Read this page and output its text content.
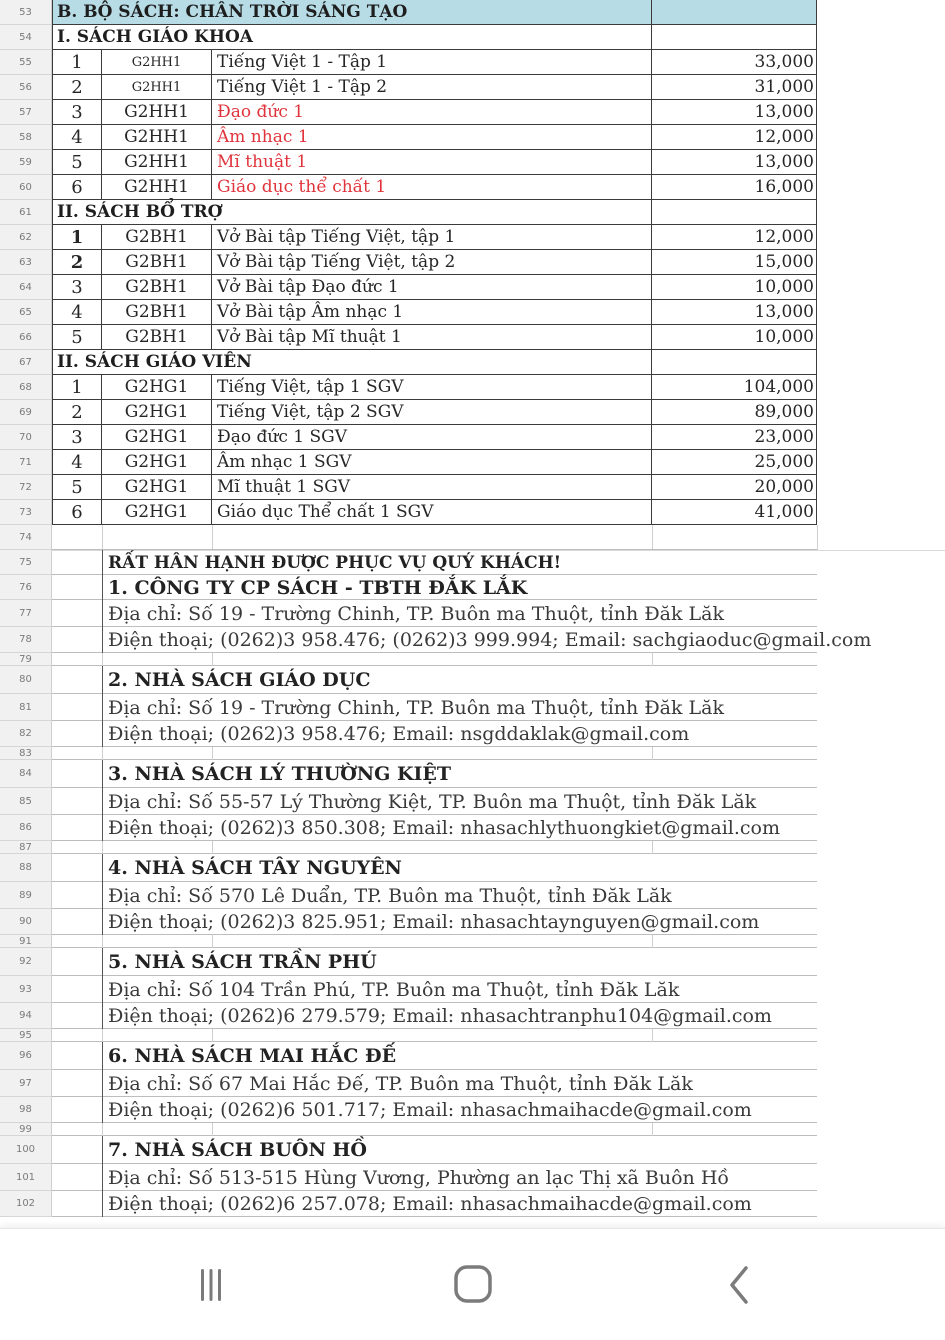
53	B. BỘ SÁCH: CHÂN TRỜI SÁNG TẠO
54	I. SÁCH GIÁO KHOA
55	1	G2HH1	Tiếng Việt 1 - Tập 1	33,000
56	2	G2HH1	Tiếng Việt 1 - Tập 2	31,000
57	3	G2HH1	Đạo đức 1	13,000
58	4	G2HH1	Âm nhạc 1	12,000
59	5	G2HH1	Mĩ thuật 1	13,000
60	6	G2HH1	Giáo dục thể chất 1	16,000
61	II. SÁCH BỔ TRỢ
62	1	G2BH1	Vở Bài tập Tiếng Việt, tập 1	12,000
63	2	G2BH1	Vở Bài tập Tiếng Việt, tập 2	15,000
64	3	G2BH1	Vở Bài tập Đạo đức 1	10,000
65	4	G2BH1	Vở Bài tập Âm nhạc 1	13,000
66	5	G2BH1	Vở Bài tập Mĩ thuật 1	10,000
67	II. SÁCH GIÁO VIÊN
68	1	G2HG1	Tiếng Việt, tập 1 SGV	104,000
69	2	G2HG1	Tiếng Việt, tập 2 SGV	89,000
70	3	G2HG1	Đạo đức 1 SGV	23,000
71	4	G2HG1	Âm nhạc 1 SGV	25,000
72	5	G2HG1	Mĩ thuật 1 SGV	20,000
73	6	G2HG1	Giáo dục Thể chất 1 SGV	41,000
74
75	RẤT HÂN HẠNH ĐƯỢC PHỤC VỤ QUÝ KHÁCH!
76	1. CÔNG TY CP SÁCH - TBTH ĐẮK LẮK
77	Địa chỉ: Số 19 - Trường Chinh, TP. Buôn ma Thuột, tỉnh Đăk Lăk
78	Điện thoại; (0262)3 958.476; (0262)3 999.994; Email: sachgiaoduc@gmail.com
79
80	2. NHÀ SÁCH GIÁO DỤC
81	Địa chỉ: Số 19 - Trường Chinh, TP. Buôn ma Thuột, tỉnh Đăk Lăk
82	Điện thoại; (0262)3 958.476; Email: nsgddaklak@gmail.com
83
84	3. NHÀ SÁCH LÝ THƯỜNG KIỆT
85	Địa chỉ: Số 55-57 Lý Thường Kiệt, TP. Buôn ma Thuột, tỉnh Đăk Lăk
86	Điện thoại; (0262)3 850.308; Email: nhasachlythuongkiet@gmail.com
87
88	4. NHÀ SÁCH TÂY NGUYÊN
89	Địa chỉ: Số 570 Lê Duẩn, TP. Buôn ma Thuột, tỉnh Đăk Lăk
90	Điện thoại; (0262)3 825.951; Email: nhasachtaynguyen@gmail.com
91
92	5. NHÀ SÁCH TRẦN PHÚ
93	Địa chỉ: Số 104 Trần Phú, TP. Buôn ma Thuột, tỉnh Đăk Lăk
94	Điện thoại; (0262)6 279.579; Email: nhasachtranphu104@gmail.com
95
96	6. NHÀ SÁCH MAI HẮC ĐẾ
97	Địa chỉ: Số 67 Mai Hắc Đế, TP. Buôn ma Thuột, tỉnh Đăk Lăk
98	Điện thoại; (0262)6 501.717; Email: nhasachmaihacde@gmail.com
99
100	7. NHÀ SÁCH BUÔN HỒ
101	Địa chỉ: Số 513-515 Hùng Vương, Phường an lạc Thị xã Buôn Hồ
102	Điện thoại; (0262)6 257.078; Email: nhasachmaihacde@gmail.com
